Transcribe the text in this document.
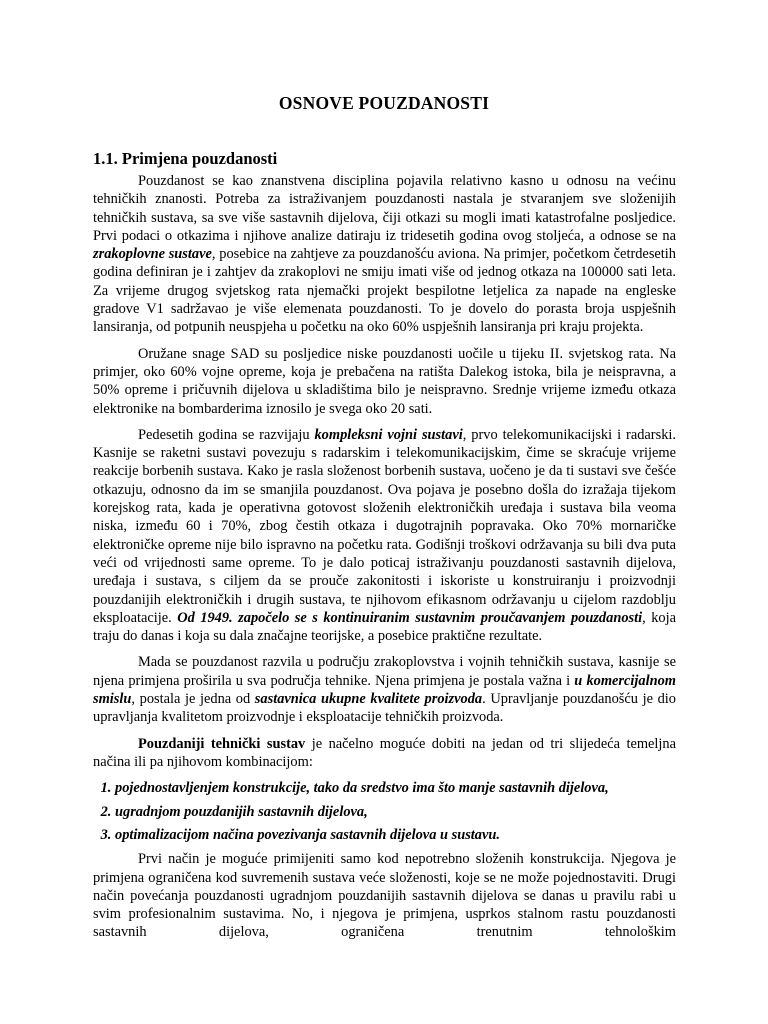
OSNOVE POUZDANOSTI
1.1. Primjena pouzdanosti

Pouzdanost se kao znanstvena disciplina pojavila relativno kasno u odnosu na većinu tehničkih znanosti. Potreba za istraživanjem pouzdanosti nastala je stvaranjem sve složenijih tehničkih sustava, sa sve više sastavnih dijelova, čiji otkazi su mogli imati katastrofalne posljedice. Prvi podaci o otkazima i njihove analize datiraju iz tridesetih godina ovog stoljeća, a odnose se na zrakoplovne sustave, posebice na zahtjeve za pouzdanošću aviona. Na primjer, početkom četrdesetih godina definiran je i zahtjev da zrakoplovi ne smiju imati više od jednog otkaza na 100000 sati leta. Za vrijeme drugog svjetskog rata njemački projekt bespilotne letjelica za napade na engleske gradove V1 sadržavao je više elemenata pouzdanosti. To je dovelo do porasta broja uspješnih lansiranja, od potpunih neuspjeha u početku na oko 60% uspješnih lansiranja pri kraju projekta.

Oružane snage SAD su posljedice niske pouzdanosti uočile u tijeku II. svjetskog rata. Na primjer, oko 60% vojne opreme, koja je prebačena na ratišta Dalekog istoka, bila je neispravna, a 50% opreme i pričuvnih dijelova u skladištima bilo je neispravno. Srednje vrijeme između otkaza elektronike na bombarderima iznosilo je svega oko 20 sati.

Pedesetih godina se razvijaju kompleksni vojni sustavi, prvo telekomunikacijski i radarski. Kasnije se raketni sustavi povezuju s radarskim i telekomunikacijskim, čime se skraćuje vrijeme reakcije borbenih sustava. Kako je rasla složenost borbenih sustava, uočeno je da ti sustavi sve češće otkazuju, odnosno da im se smanjila pouzdanost. Ova pojava je posebno došla do izražaja tijekom korejskog rata, kada je operativna gotovost složenih elektroničkih uređaja i sustava bila veoma niska, između 60 i 70%, zbog čestih otkaza i dugotrajnih popravaka. Oko 70% mornaričke elektroničke opreme nije bilo ispravno na početku rata. Godišnji troškovi održavanja su bili dva puta veći od vrijednosti same opreme. To je dalo poticaj istraživanju pouzdanosti sastavnih dijelova, uređaja i sustava, s ciljem da se prouče zakonitosti i iskoriste u konstruiranju i proizvodnji pouzdanijih elektroničkih i drugih sustava, te njihovom efikasnom održavanju u cijelom razdoblju eksploatacije. Od 1949. započelo se s kontinuiranim sustavnim proučavanjem pouzdanosti, koja traju do danas i koja su dala značajne teorijske, a posebice praktične rezultate.

Mada se pouzdanost razvila u području zrakoplovstva i vojnih tehničkih sustava, kasnije se njena primjena proširila u sva područja tehnike. Njena primjena je postala važna i u komercijalnom smislu, postala je jedna od sastavnica ukupne kvalitete proizvoda. Upravljanje pouzdanošću je dio upravljanja kvalitetom proizvodnje i eksploatacije tehničkih proizvoda.

Pouzdaniji tehnički sustav je načelno moguće dobiti na jedan od tri slijedeća temeljna načina ili pa njihovom kombinacijom:

1. pojednostavljenjem konstrukcije, tako da sredstvo ima što manje sastavnih dijelova,
2. ugradnjom pouzdanijih sastavnih dijelova,
3. optimalizacijom načina povezivanja sastavnih dijelova u sustavu.

Prvi način je moguće primijeniti samo kod nepotrebno složenih konstrukcija. Njegova je primjena ograničena kod suvremenih sustava veće složenosti, koje se ne može pojednostaviti. Drugi način povećanja pouzdanosti ugradnjom pouzdanijih sastavnih dijelova se danas u pravilu rabi u svim profesionalnim sustavima. No, i njegova je primjena, usprkos stalnom rastu pouzdanosti sastavnih dijelova, ograničena trenutnim tehnološkim
